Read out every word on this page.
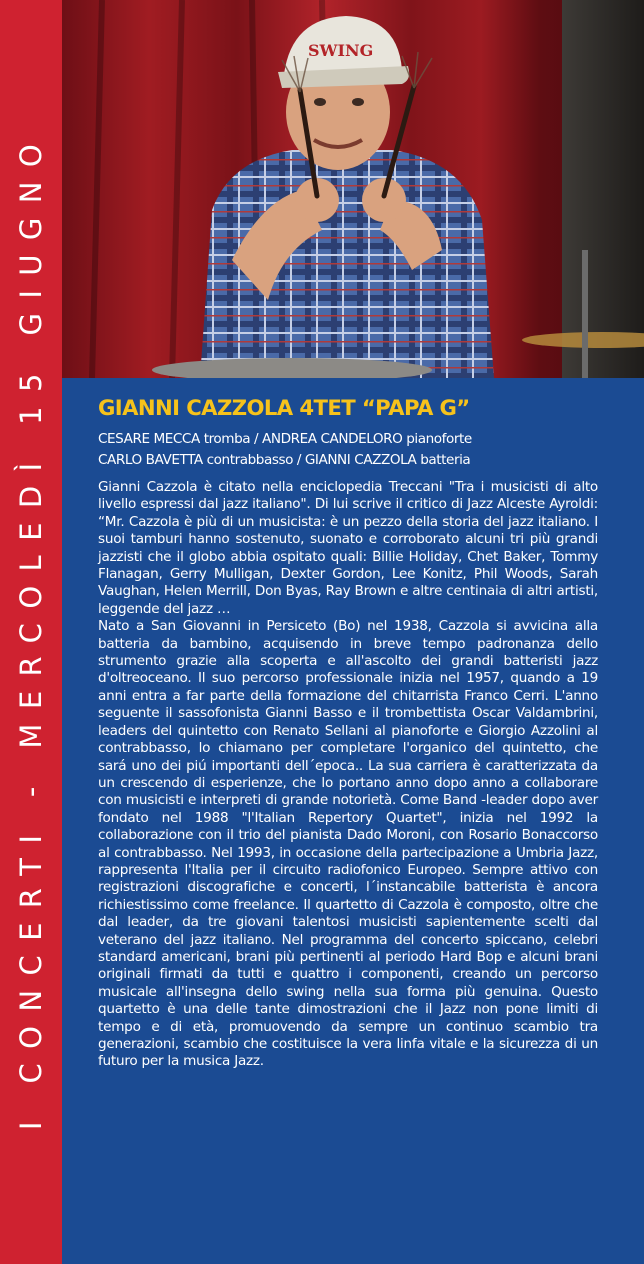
I CONCERTI - MERCOLEDÌ 15 GIUGNO
SWING
GIANNI CAZZOLA 4TET “PAPA G”
CESARE MECCA tromba / ANDREA CANDELORO pianoforte
CARLO BAVETTA contrabbasso / GIANNI CAZZOLA batteria

Gianni Cazzola è citato nella enciclopedia Treccani "Tra i musicisti di alto livello espressi dal jazz italiano". Di lui scrive il critico di Jazz Alceste Ayroldi: “Mr. Cazzola è più di un musicista: è un pezzo della storia del jazz italiano. I suoi tamburi hanno sostenuto, suonato e corroborato alcuni tri più grandi jazzisti che il globo abbia ospitato quali: Billie Holiday, Chet Baker, Tommy Flanagan, Gerry Mulligan, Dexter Gordon, Lee Konitz, Phil Woods, Sarah Vaughan, Helen Merrill, Don Byas, Ray Brown e altre centinaia di altri artisti, leggende del jazz …

Nato a San Giovanni in Persiceto (Bo) nel 1938, Cazzola si avvicina alla batteria da bambino, acquisendo in breve tempo padronanza dello strumento grazie alla scoperta e all'ascolto dei grandi batteristi jazz d'oltreoceano. Il suo percorso professionale inizia nel 1957, quando a 19 anni entra a far parte della formazione del chitarrista Franco Cerri. L'anno seguente il sassofonista Gianni Basso e il trombettista Oscar Valdambrini, leaders del quintetto con Renato Sellani al pianoforte e Giorgio Azzolini al contrabbasso, lo chiamano per completare l'organico del quintetto, che sará uno dei piú importanti dell´epoca.. La sua carriera è caratterizzata da un crescendo di esperienze, che lo portano anno dopo anno a collaborare con musicisti e interpreti di grande notorietà. Come Band -leader dopo aver fondato nel 1988 "l'Italian Repertory Quartet", inizia nel 1992 la collaborazione con il trio del pianista Dado Moroni, con Rosario Bonaccorso al contrabbasso. Nel 1993, in occasione della partecipazione a Umbria Jazz, rappresenta l'Italia per il circuito radiofonico Europeo. Sempre attivo con registrazioni discografiche e concerti, l´instancabile batterista è ancora richiestissimo come freelance. Il quartetto di Cazzola è composto, oltre che dal leader, da tre giovani talentosi musicisti sapientemente scelti dal veterano del jazz italiano. Nel programma del concerto spiccano, celebri standard americani, brani più pertinenti al periodo Hard Bop e alcuni brani originali firmati da tutti e quattro i componenti, creando un percorso musicale all'insegna dello swing nella sua forma più genuina. Questo quartetto è una delle tante dimostrazioni che il Jazz non pone limiti di tempo e di età, promuovendo da sempre un continuo scambio tra generazioni, scambio che costituisce la vera linfa vitale e la sicurezza di un futuro per la musica Jazz.
